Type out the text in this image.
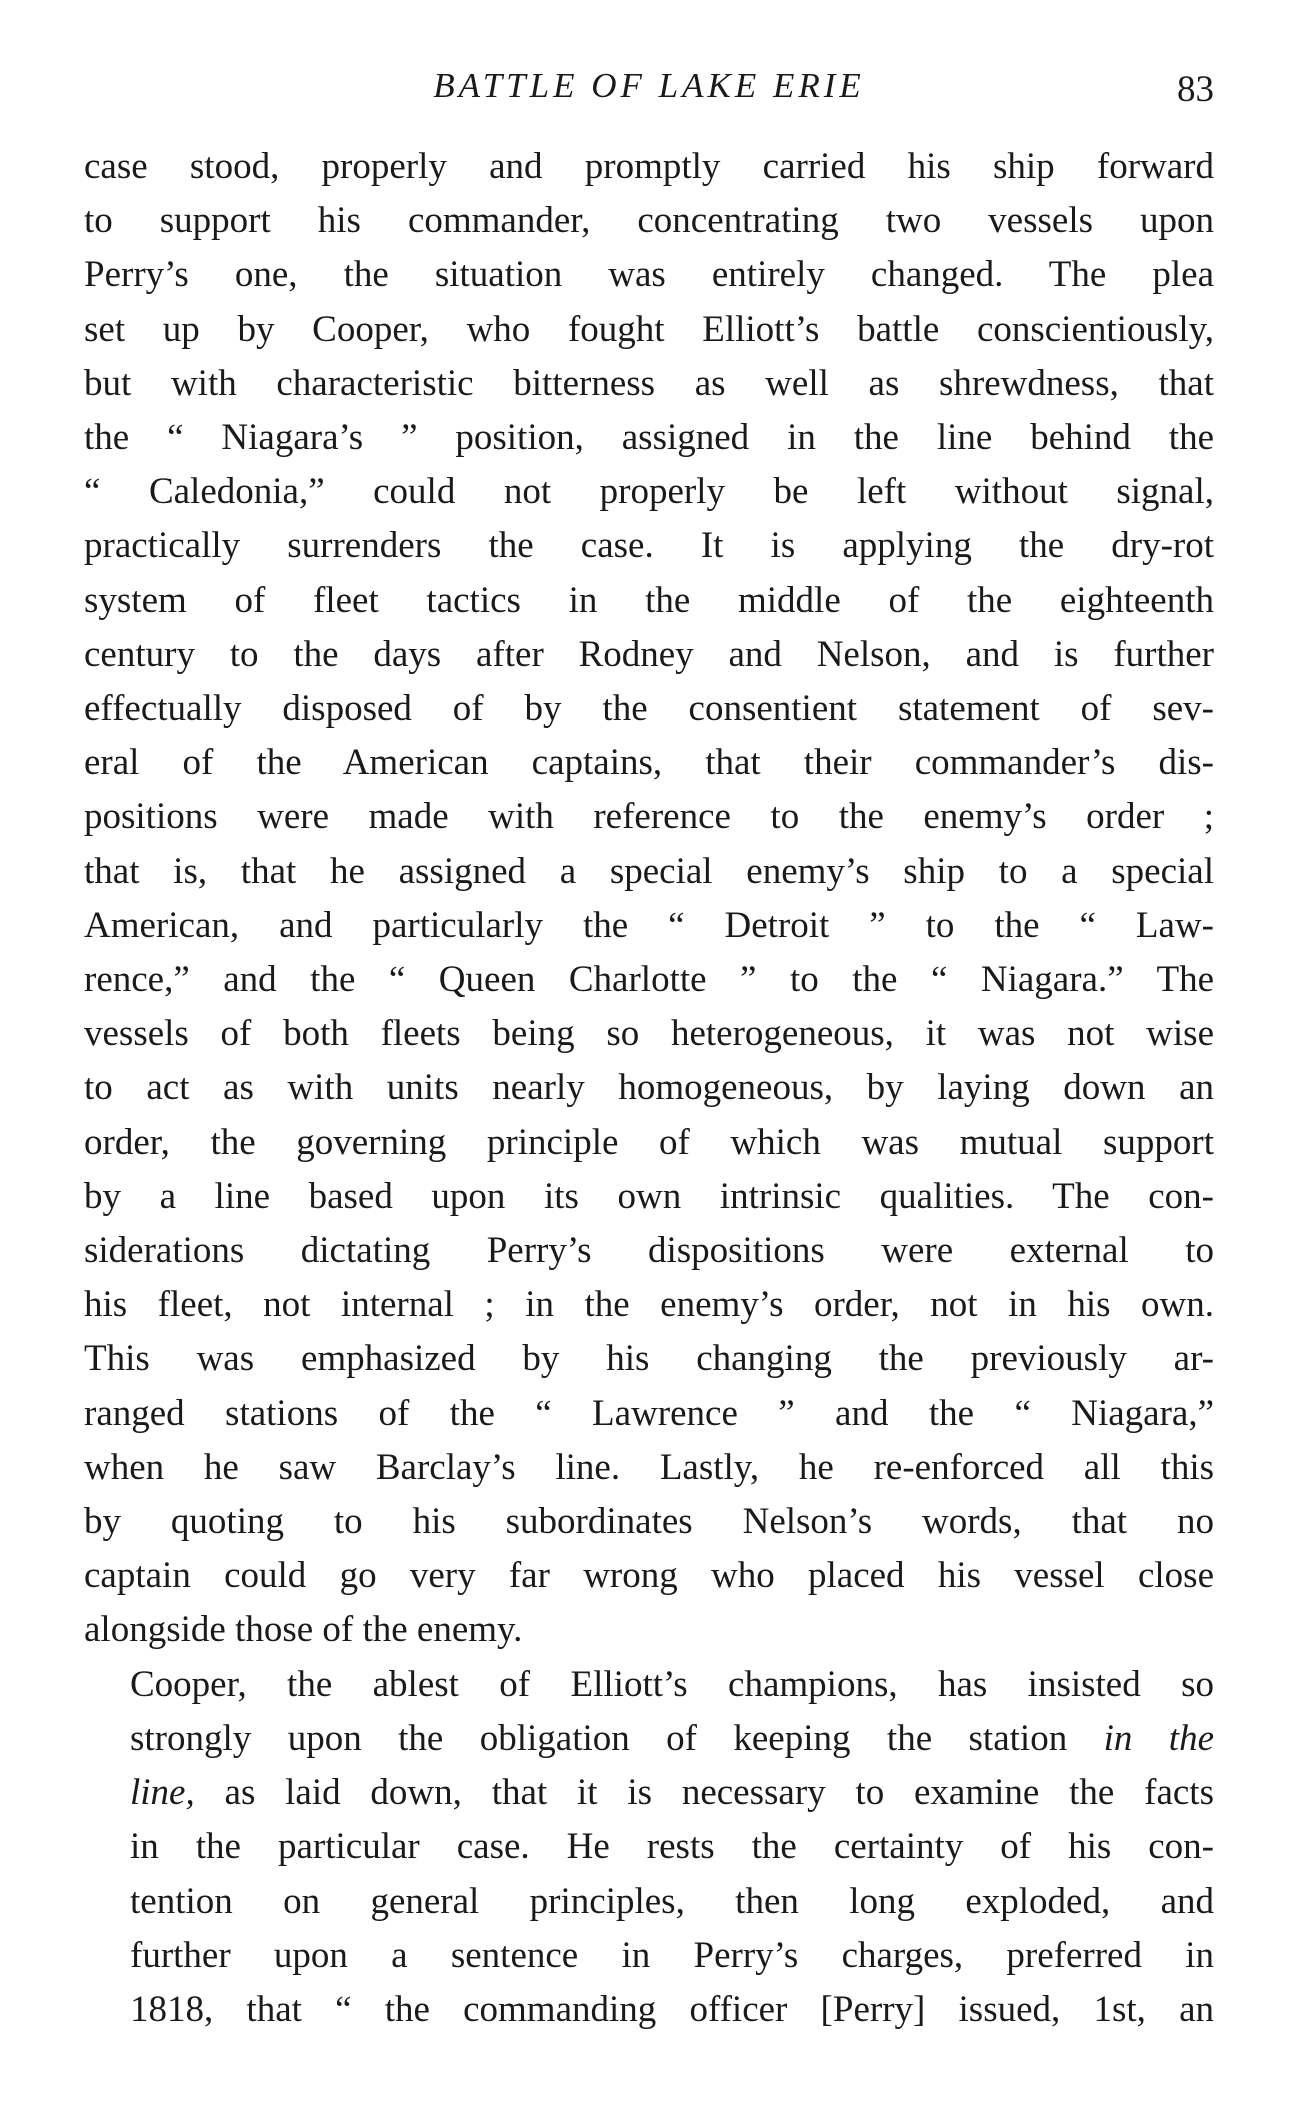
BATTLE OF LAKE ERIE	83

case stood, properly and promptly carried his ship forward
to support his commander, concentrating two vessels upon
Perry’s one, the situation was entirely changed. The plea
set up by Cooper, who fought Elliott’s battle conscientiously,
but with characteristic bitterness as well as shrewdness, that
the “ Niagara’s ” position, assigned in the line behind the
“ Caledonia,” could not properly be left without signal,
practically surrenders the case. It is applying the dry-rot
system of fleet tactics in the middle of the eighteenth
century to the days after Rodney and Nelson, and is further
effectually disposed of by the consentient statement of sev-
eral of the American captains, that their commander’s dis-
positions were made with reference to the enemy’s order ;
that is, that he assigned a special enemy’s ship to a special
American, and particularly the “ Detroit ” to the “ Law-
rence,” and the “ Queen Charlotte ” to the “ Niagara.” The
vessels of both fleets being so heterogeneous, it was not wise
to act as with units nearly homogeneous, by laying down an
order, the governing principle of which was mutual support
by a line based upon its own intrinsic qualities. The con-
siderations dictating Perry’s dispositions were external to
his fleet, not internal ; in the enemy’s order, not in his own.
This was emphasized by his changing the previously ar-
ranged stations of the “ Lawrence ” and the “ Niagara,”
when he saw Barclay’s line. Lastly, he re-enforced all this
by quoting to his subordinates Nelson’s words, that no
captain could go very far wrong who placed his vessel close
alongside those of the enemy.

Cooper, the ablest of Elliott’s champions, has insisted so
strongly upon the obligation of keeping the station in the
line, as laid down, that it is necessary to examine the facts
in the particular case. He rests the certainty of his con-
tention on general principles, then long exploded, and
further upon a sentence in Perry’s charges, preferred in
1818, that “ the commanding officer [Perry] issued, 1st, an
